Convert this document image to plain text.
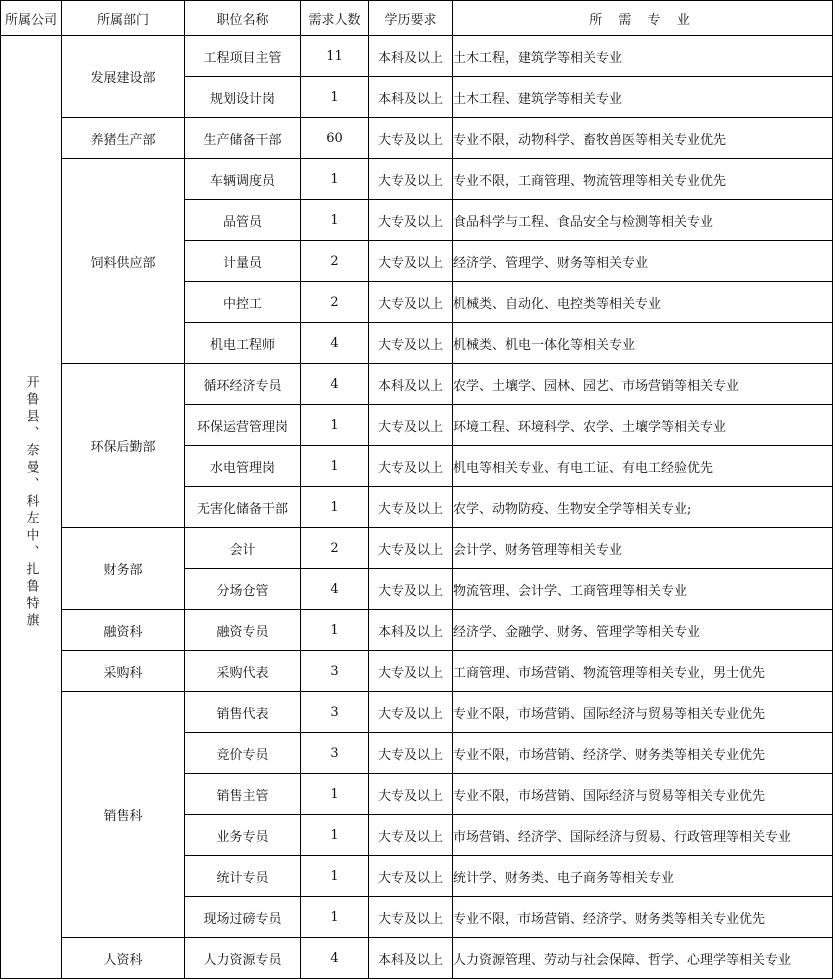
所属公司	所属部门	职位名称	需求人数	学历要求	所 需 专 业
开鲁县、奈曼、科左中、扎鲁特旗	发展建设部	工程项目主管	11	本科及以上	土木工程，建筑学等相关专业
		规划设计岗	1	本科及以上	土木工程、建筑学等相关专业
	养猪生产部	生产储备干部	60	大专及以上	专业不限，动物科学、畜牧兽医等相关专业优先
	饲料供应部	车辆调度员	1	大专及以上	专业不限，工商管理、物流管理等相关专业优先
		品管员	1	大专及以上	食品科学与工程、食品安全与检测等相关专业
		计量员	2	大专及以上	经济学、管理学、财务等相关专业
		中控工	2	大专及以上	机械类、自动化、电控类等相关专业
		机电工程师	4	大专及以上	机械类、机电一体化等相关专业
	环保后勤部	循环经济专员	4	本科及以上	农学、土壤学、园林、园艺、市场营销等相关专业
		环保运营管理岗	1	大专及以上	环境工程、环境科学、农学、土壤学等相关专业
		水电管理岗	1	大专及以上	机电等相关专业、有电工证、有电工经验优先
		无害化储备干部	1	大专及以上	农学、动物防疫、生物安全学等相关专业;
	财务部	会计	2	大专及以上	会计学、财务管理等相关专业
		分场仓管	4	大专及以上	物流管理、会计学、工商管理等相关专业
	融资科	融资专员	1	本科及以上	经济学、金融学、财务、管理学等相关专业
	采购科	采购代表	3	大专及以上	工商管理、市场营销、物流管理等相关专业，男士优先
	销售科	销售代表	3	大专及以上	专业不限，市场营销、国际经济与贸易等相关专业优先
		竞价专员	3	大专及以上	专业不限，市场营销、经济学、财务类等相关专业优先
		销售主管	1	大专及以上	专业不限，市场营销、国际经济与贸易等相关专业优先
		业务专员	1	大专及以上	市场营销、经济学、国际经济与贸易、行政管理等相关专业
		统计专员	1	大专及以上	统计学、财务类、电子商务等相关专业
		现场过磅专员	1	大专及以上	专业不限，市场营销、经济学、财务类等相关专业优先
	人资科	人力资源专员	4	本科及以上	人力资源管理、劳动与社会保障、哲学、心理学等相关专业
